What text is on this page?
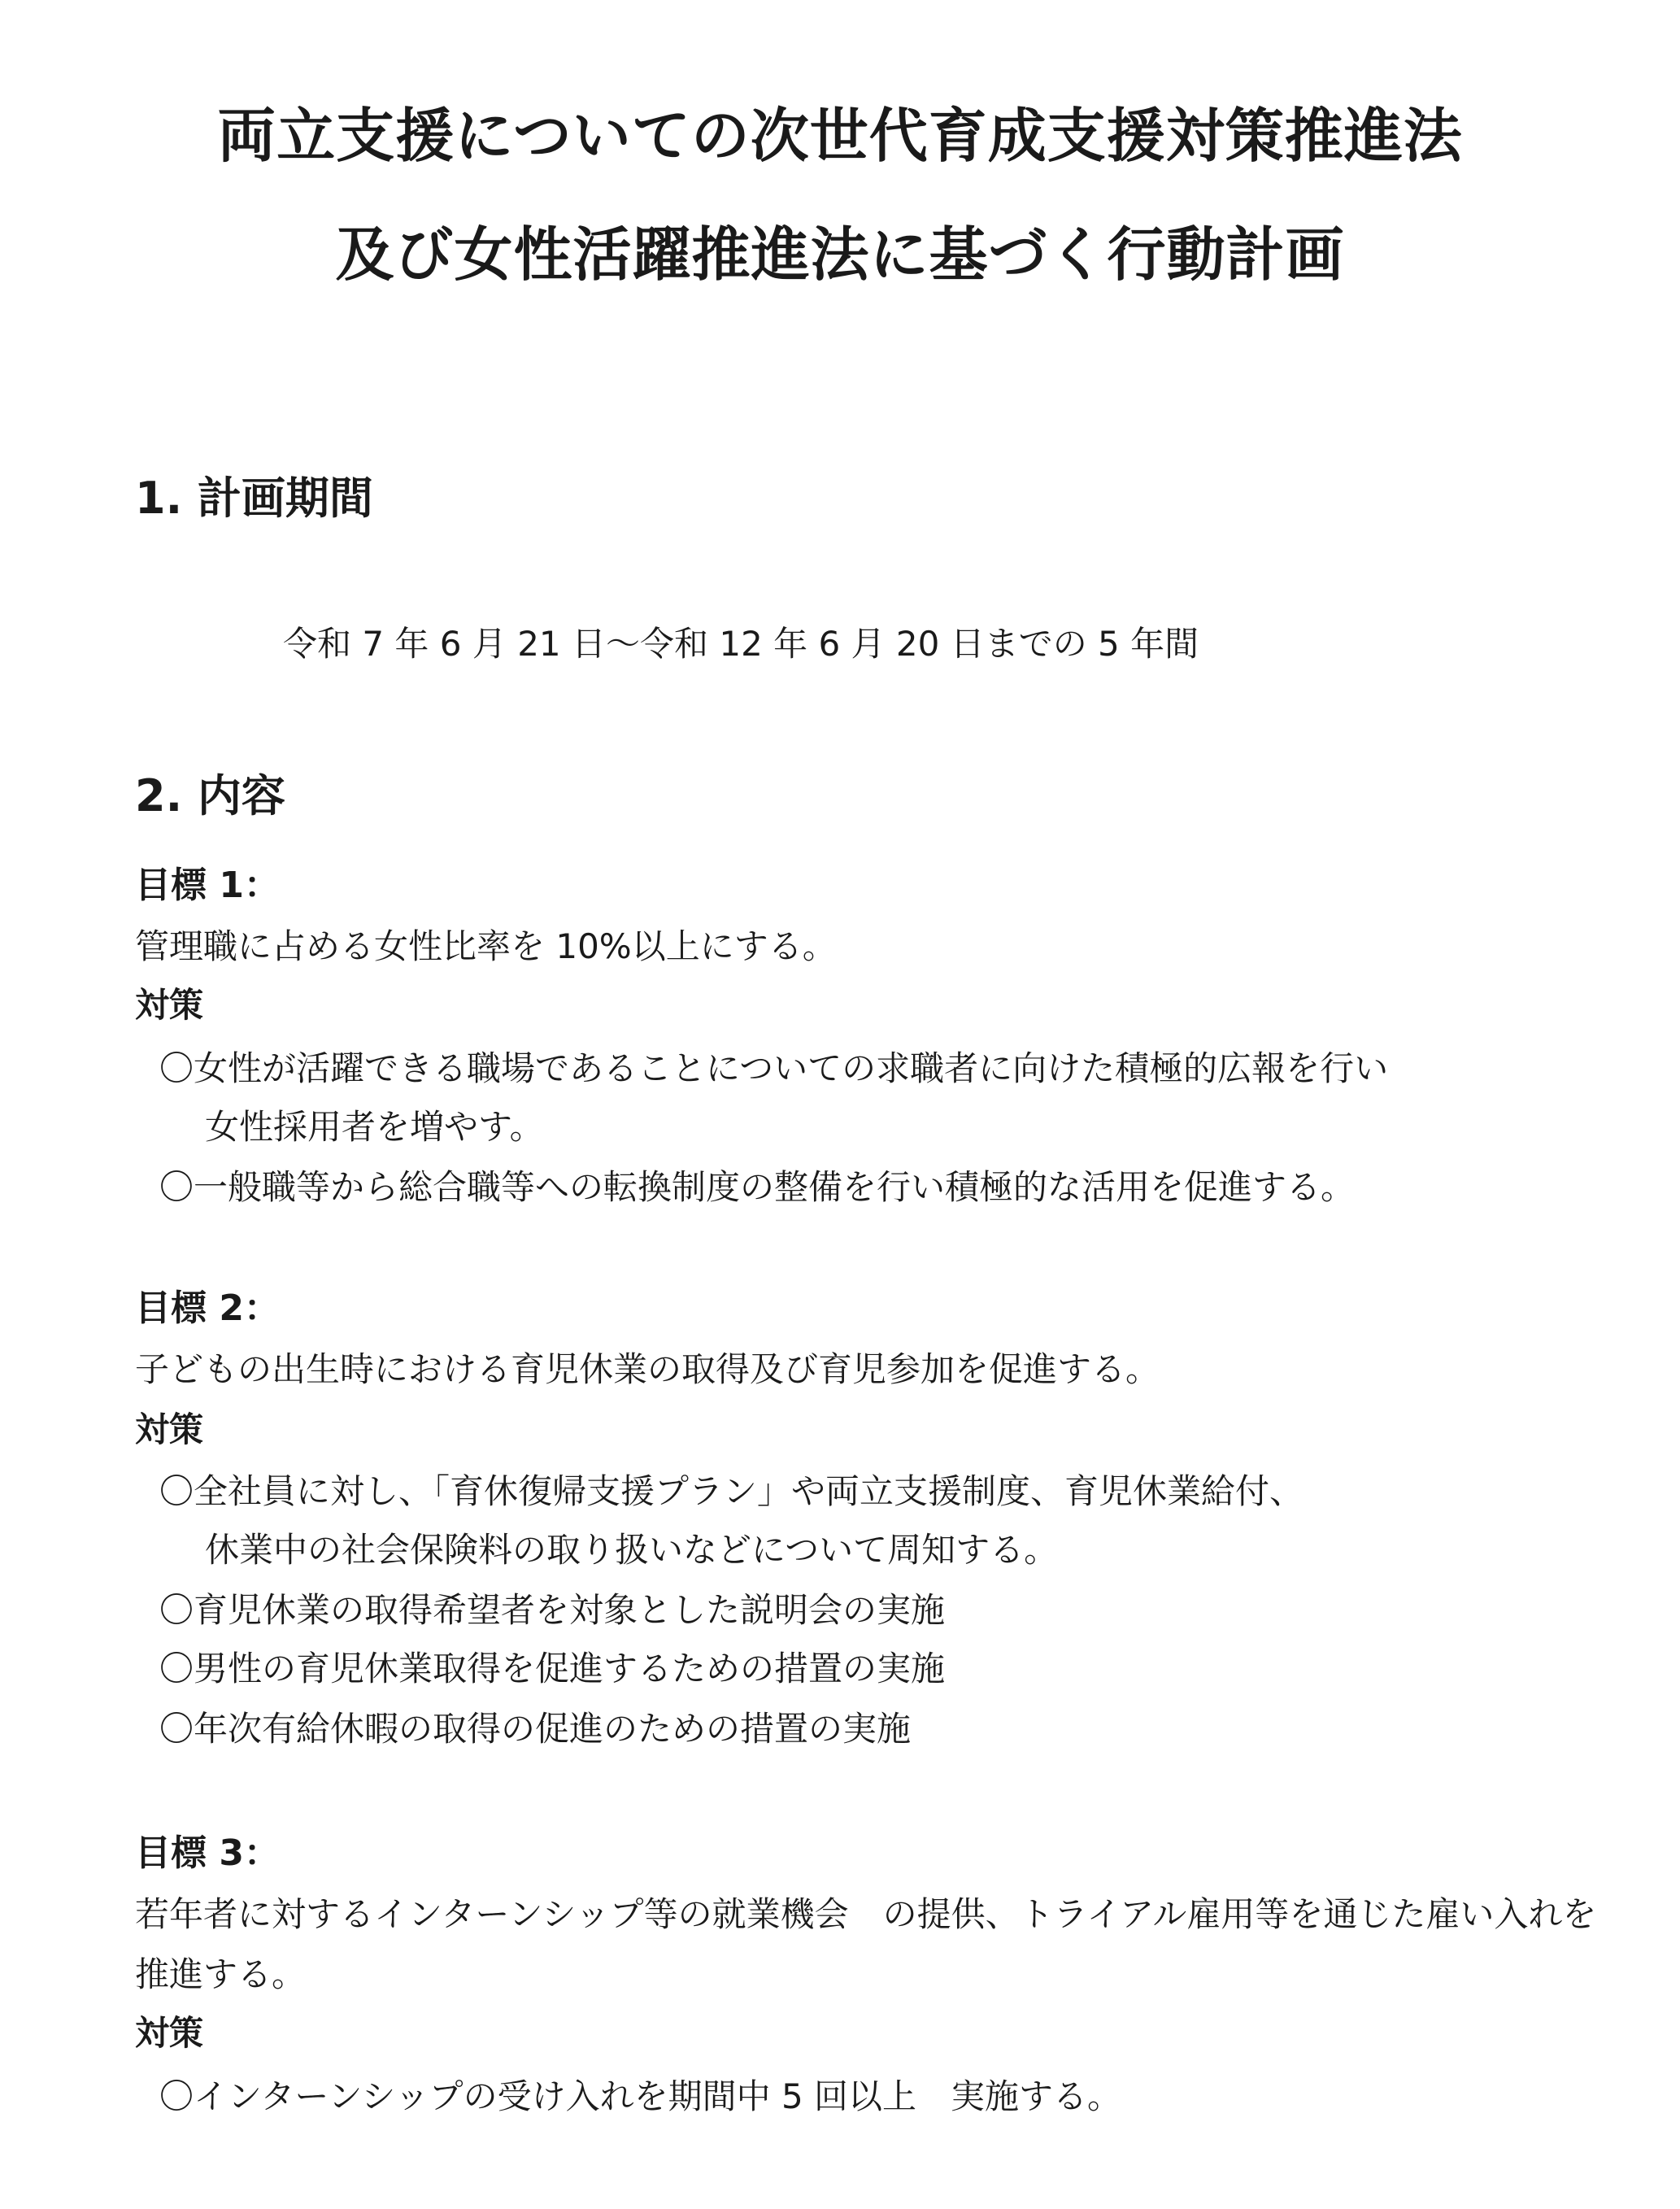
両立支援についての次世代育成支援対策推進法
及び女性活躍推進法に基づく行動計画
1. 計画期間

令和 7 年 6 月 21 日～令和 12 年 6 月 20 日までの 5 年間

2. 内容
目標 1：

管理職に占める女性比率を 10%以上にする。

対策

〇女性が活躍できる職場であることについての求職者に向けた積極的広報を行い

女性採用者を増やす。

〇一般職等から総合職等への転換制度の整備を行い積極的な活用を促進する。

目標 2：

子どもの出生時における育児休業の取得及び育児参加を促進する。

対策

〇全社員に対し、「育休復帰支援プラン」や両立支援制度、育児休業給付、

休業中の社会保険料の取り扱いなどについて周知する。

〇育児休業の取得希望者を対象とした説明会の実施

〇男性の育児休業取得を促進するための措置の実施

〇年次有給休暇の取得の促進のための措置の実施

目標 3：

若年者に対するインターンシップ等の就業機会　の提供、トライアル雇用等を通じた雇い入れを

推進する。

対策

〇インターンシップの受け入れを期間中 5 回以上　実施する。
